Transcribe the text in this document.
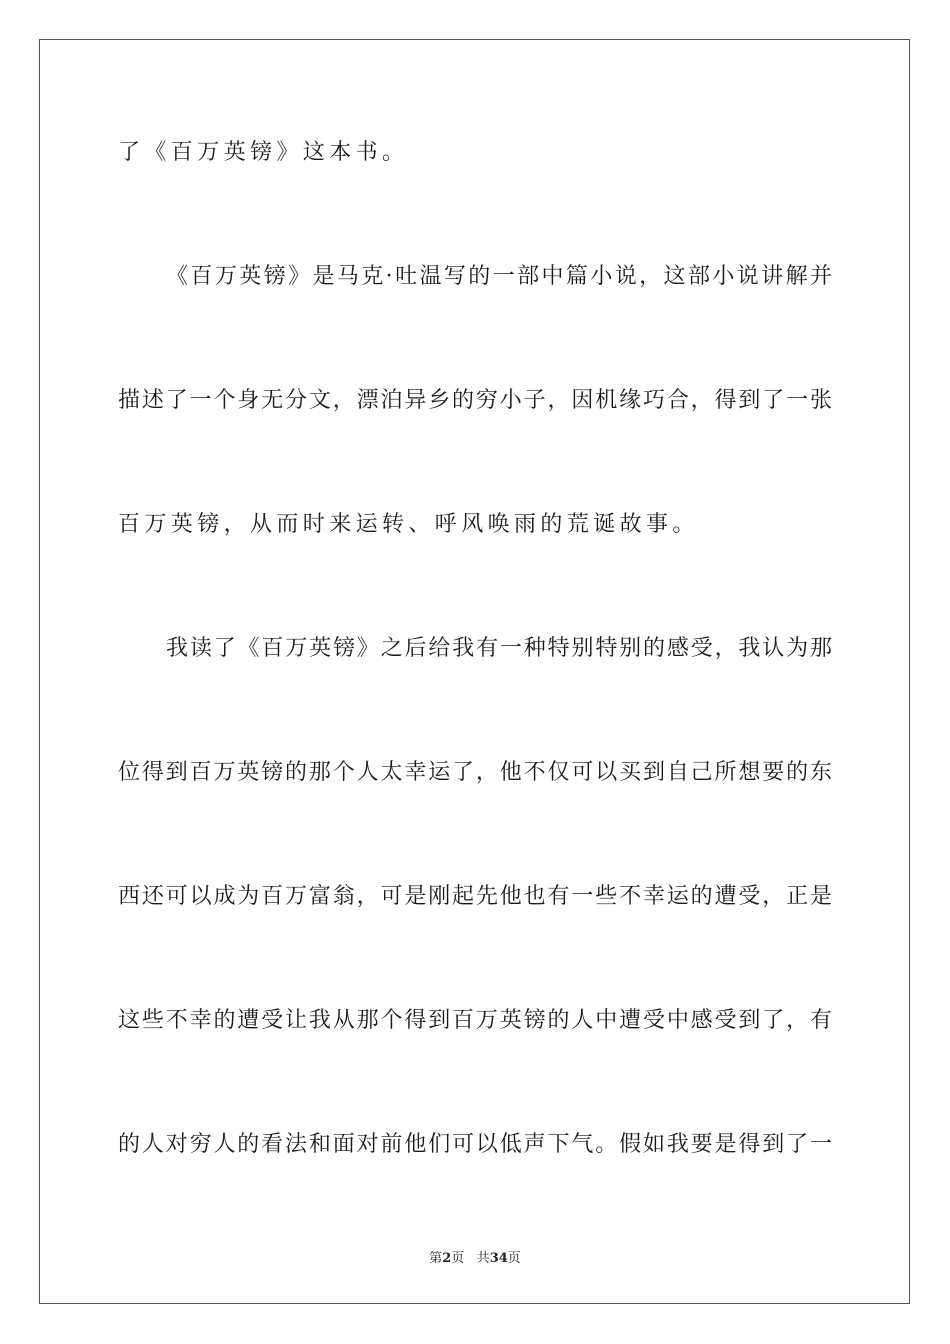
了《百万英镑》这本书。
《百万英镑》是马克·吐温写的一部中篇小说，这部小说讲解并
描述了一个身无分文，漂泊异乡的穷小子，因机缘巧合，得到了一张
百万英镑，从而时来运转、呼风唤雨的荒诞故事。
我读了《百万英镑》之后给我有一种特别特别的感受，我认为那
位得到百万英镑的那个人太幸运了，他不仅可以买到自己所想要的东
西还可以成为百万富翁，可是刚起先他也有一些不幸运的遭受，正是
这些不幸的遭受让我从那个得到百万英镑的人中遭受中感受到了，有
的人对穷人的看法和面对前他们可以低声下气。假如我要是得到了一
第2页 共34页
